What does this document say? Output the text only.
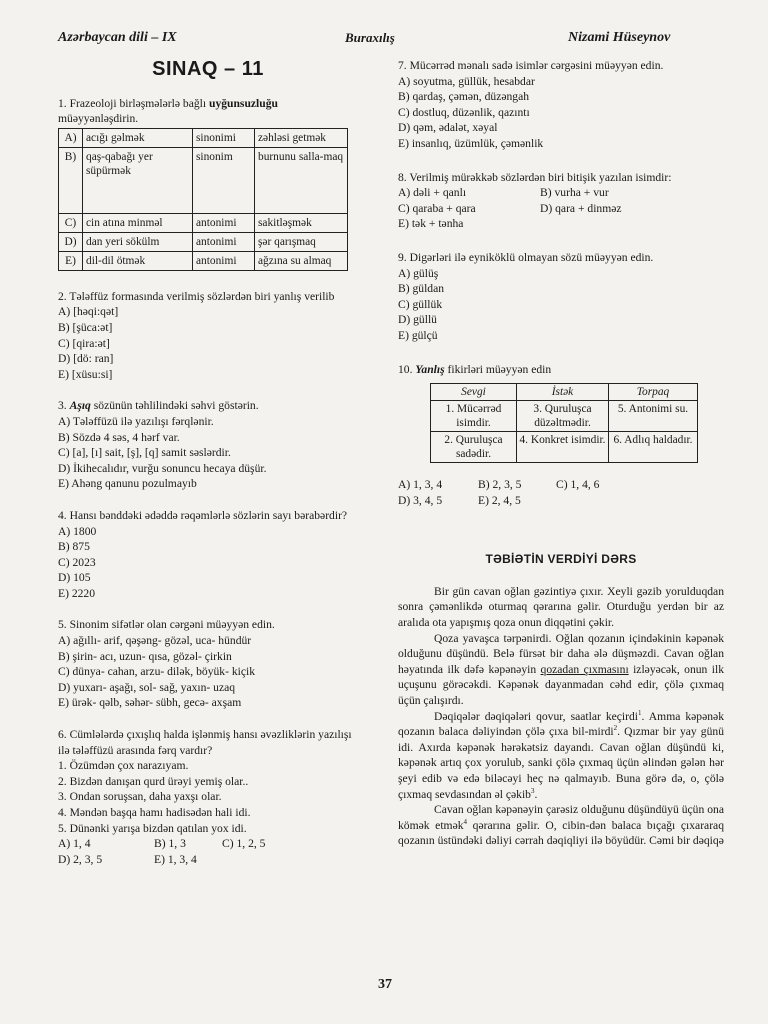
Azərbaycan dili – IX	Buraxılış	Nizami Hüseynov
SINAQ – 11

1. Frazeoloji birləşmələrlə bağlı uyğunsuzluğu müəyyənləşdirin.

A)	acığı gəlmək	sinonimi	zəhləsi getmək
B)	qaş-qabağı yer süpürmək	sinonim	burnunu salla-maq
C)	cin atına minməl	antonimi	sakitləşmək
D)	dan yeri sökülm	antonimi	şər qarışmaq
E)	dil-dil ötmək	antonimi	ağzına su almaq

2. Tələffüz formasında verilmiş sözlərdən biri yanlış verilib

A) [həqi:qət]

B) [şüca:ət]

C) [qira:ət]

D) [dö: ran]

E) [xüsu:si]

3. Aşıq sözünün təhlilindəki səhvi göstərin.

A) Tələffüzü ilə yazılışı fərqlənir.

B) Sözdə 4 səs, 4 hərf var.

C) [a], [ı] sait, [ş], [q] samit səslərdir.

D) İkihecalıdır, vurğu sonuncu hecaya düşür.

E) Ahəng qanunu pozulmayıb

4. Hansı bənddəki ədəddə rəqəmlərlə sözlərin sayı bərabərdir?

A) 1800

B) 875

C) 2023

D) 105

E) 2220

5. Sinonim sifətlər olan cərgəni müəyyən edin.

A) ağıllı- arif, qəşəng- gözəl, uca- hündür

B) şirin- acı, uzun- qısa, gözəl- çirkin

C) dünya- cahan, arzu- dilək, böyük- kiçik

D) yuxarı- aşağı, sol- sağ, yaxın- uzaq

E) ürək- qəlb, səhər- sübh, gecə- axşam

6. Cümlələrdə çıxışlıq halda işlənmiş hansı əvəzliklərin yazılışı ilə tələffüzü arasında fərq vardır?

1. Özümdən çox narazıyam.

2. Bizdən danışan qurd ürəyi yemiş olar..

3. Ondan soruşsan, daha yaxşı olar.

4. Məndən başqa hamı hadisədən hali idi.

5. Dünənki yarışa bizdən qatılan yox idi.

A) 1, 4	B) 1, 3	C) 1, 2, 5
D) 2, 3, 5	E) 1, 3, 4

7. Mücərrəd mənalı sadə isimlər cərgəsini müəyyən edin.

A) soyutma, güllük, hesabdar

B) qardaş, çəmən, düzəngah

C) dostluq, düzənlik, qazıntı

D) qəm, ədalət, xəyal

E) insanlıq, üzümlük, çəmənlik

8. Verilmiş mürəkkəb sözlərdən biri bitişik yazılan isimdir:

A) dəli + qanlı	B) vurha + vur
C) qaraba + qara	D) qara + dinməz

E) tək + tənha

9. Digərləri ilə eyniköklü olmayan sözü müəyyən edin.

A) gülüş

B) güldan

C) güllük

D) güllü

E) gülçü

10. Yanlış fikirləri müəyyən edin

Sevgi	İstək	Torpaq
1. Mücərrəd isimdir.	3. Quruluşca düzəltmədir.	5. Antonimi su.
2. Quruluşca sadədir.	4. Konkret isimdir.	6. Adlıq haldadır.
A) 1, 3, 4	B) 2, 3, 5	C) 1, 4, 6
D) 3, 4, 5	E) 2, 4, 5
TƏBİƏTİN VERDİYİ DƏRS

Bir gün cavan oğlan gəzintiyə çıxır. Xeyli gəzib yorulduqdan sonra çəmənlikdə oturmaq qərarına gəlir. Oturduğu yerdən bir az aralıda ota yapışmış qoza onun diqqətini çəkir.

Qoza yavaşca tərpənirdi. Oğlan qozanın içindəkinin kəpənək olduğunu düşündü. Belə fürsət bir daha ələ düşməzdi. Cavan oğlan həyatında ilk dəfə kəpənəyin qozadan çıxmasını izləyəcək, onun ilk uçuşunu görəcəkdi. Kəpənək dayanmadan cəhd edir, çölə çıxmaq üçün çalışırdı.

Dəqiqələr dəqiqələri qovur, saatlar keçirdi$^1$. Amma kəpənək qozanın balaca dəliyindən çölə çıxa bil-mirdi$^2$. Qızmar bir yay günü idi. Axırda kəpənək hərəkətsiz dayandı. Cavan oğlan düşündü ki, kəpənək artıq çox yorulub, sanki çölə çıxmaq üçün əlindən gələn hər şeyi edib və edə biləcəyi heç nə qalmayıb. Buna görə də, o, çölə çıxmaq sevdasından əl çəkib$^3$.

Cavan oğlan kəpənəyin çarəsiz olduğunu düşündüyü üçün ona kömək etmək$^4$ qərarına gəlir. O, cibin-dən balaca bıçağı çıxararaq qozanın üstündəki dəliyi cərrah dəqiqliyi ilə böyüdür. Cəmi bir dəqiqə

37
